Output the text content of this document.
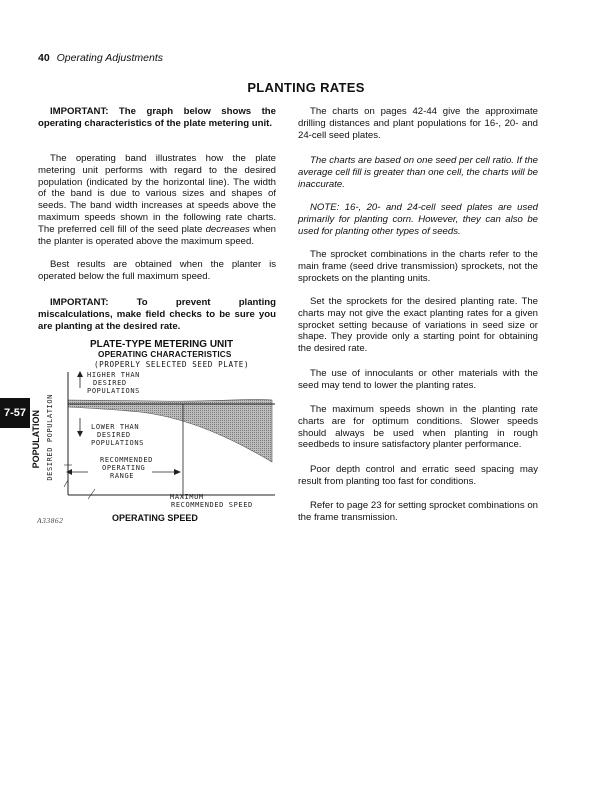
40 Operating Adjustments
PLANTING RATES
7-57

IMPORTANT: The graph below shows the operating characteristics of the plate metering unit.

The operating band illustrates how the plate metering unit performs with regard to the desired population (indicated by the horizontal line). The width of the band is due to various sizes and shapes of seeds. The band width increases at speeds above the maximum speeds shown in the following rate charts. The preferred cell fill of the seed plate decreases when the planter is operated above the maximum speed.

Best results are obtained when the planter is operated below the full maximum speed.

IMPORTANT: To prevent planting miscalculations, make field checks to be sure you are planting at the desired rate.

PLATE-TYPE METERING UNIT
OPERATING CHARACTERISTICS
(PROPERLY SELECTED SEED PLATE)
POPULATION DESIRED POPULATION
HIGHER THAN
DESIRED
POPULATIONS
LOWER THAN
DESIRED
POPULATIONS
RECOMMENDED
OPERATING
RANGE
MAXIMUM
RECOMMENDED SPEED
OPERATING SPEED
A33862

The charts on pages 42-44 give the approximate drilling distances and plant populations for 16-, 20- and 24-cell seed plates.

The charts are based on one seed per cell ratio. If the average cell fill is greater than one cell, the charts will be inaccurate.

NOTE: 16-, 20- and 24-cell seed plates are used primarily for planting corn. However, they can also be used for planting other types of seeds.

The sprocket combinations in the charts refer to the main frame (seed drive transmission) sprockets, not the sprockets on the planting units.

Set the sprockets for the desired planting rate. The charts may not give the exact planting rates for a given sprocket setting because of variations in seed size or shape. They provide only a starting point for obtaining the desired rate.

The use of innoculants or other materials with the seed may tend to lower the planting rates.

The maximum speeds shown in the planting rate charts are for optimum conditions. Slower speeds should always be used when planting in rough seedbeds to insure satisfactory planter performance.

Poor depth control and erratic seed spacing may result from planting too fast for conditions.

Refer to page 23 for setting sprocket combinations on the frame transmission.
